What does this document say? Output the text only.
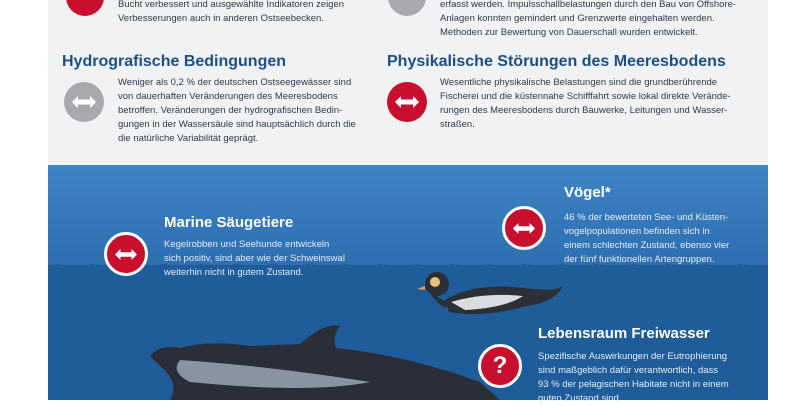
Bucht verbessert und ausgewählte Indikatoren zeigen
Verbesserungen auch in anderen Ostseebecken.
erfasst werden. Impulsschallbelastungen durch den Bau von Offshore-
Anlagen konnten gemindert und Grenzwerte eingehalten werden.
Methoden zur Bewertung von Dauerschall wurden entwickelt.
Hydrografische Bedingungen
Weniger als 0,2 % der deutschen Ostseegewässer sind
von dauerhaften Veränderungen des Meeresbodens
betroffen. Veränderungen der hydrografischen Bedin-
gungen in der Wassersäule sind hauptsächlich durch die
die natürliche Variabilität geprägt.
Physikalische Störungen des Meeresbodens
Wesentliche physikalische Belastungen sind die grundberührende
Fischerei und die küstennahe Schifffahrt sowie lokal direkte Verände-
rungen des Meeresbodens durch Bauwerke, Leitungen und Wasser-
straßen.
Marine Säugetiere
Kegelrobben und Seehunde entwickeln
sich positiv, sind aber wie der Schweinswal
weiterhin nicht in gutem Zustand.
Vögel*
46 % der bewerteten See- und Küsten-
vogelpopulationen befinden sich in
einem schlechten Zustand, ebenso vier
der fünf funktionellen Artengruppen.
Lebensraum Freiwasser
?	Spezifische Auswirkungen der Eutrophierung
sind maßgeblich dafür verantwortlich, dass
93 % der pelagischen Habitate nicht in einem
guten Zustand sind.
